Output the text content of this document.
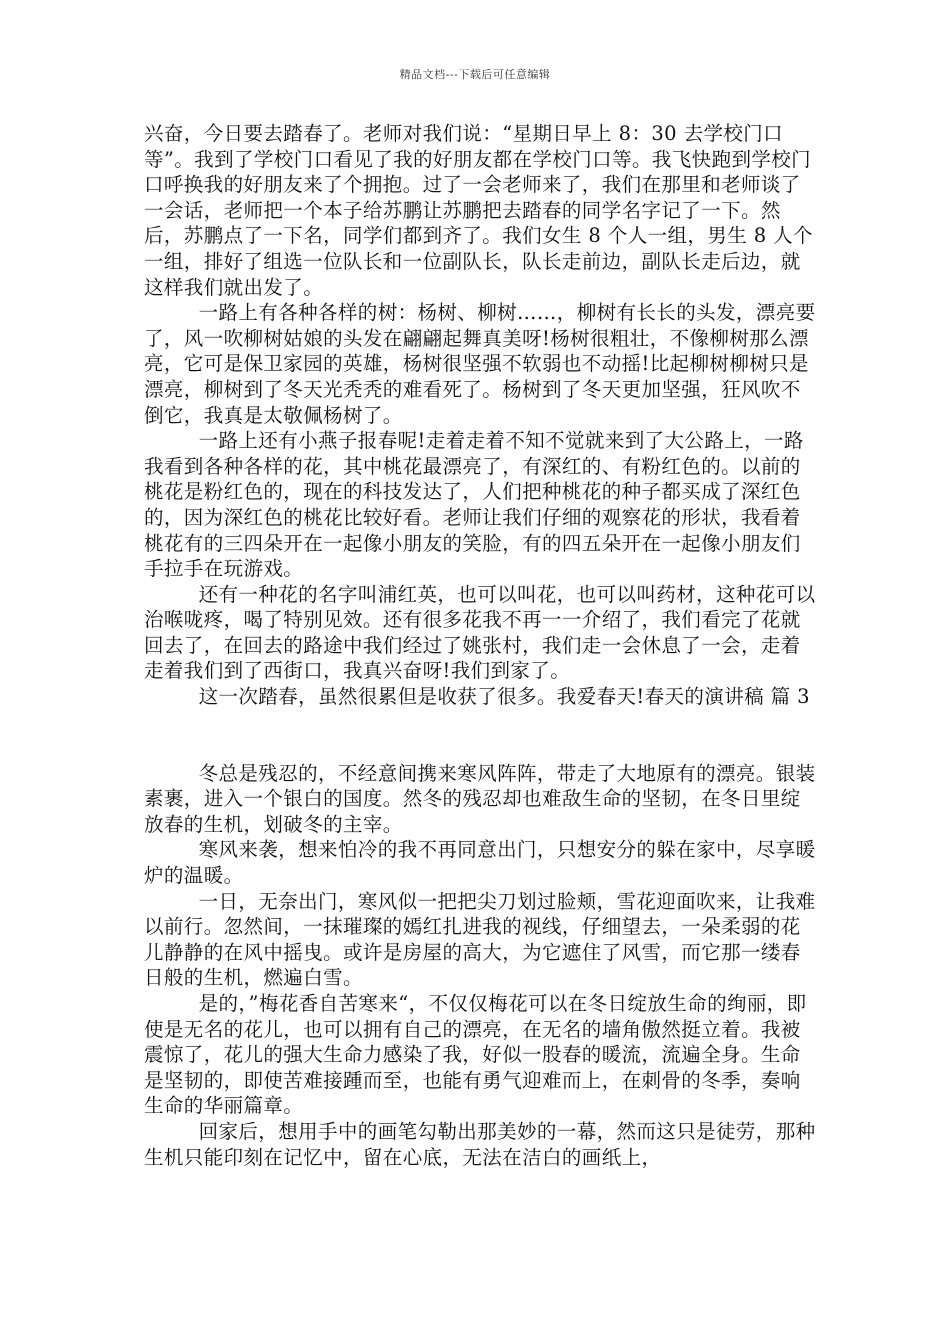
精品文档---下载后可任意编辑

兴奋，今日要去踏春了。老师对我们说：“星期日早上 8：30 去学校门口等”。我到了学校门口看见了我的好朋友都在学校门口等。我飞快跑到学校门口呼换我的好朋友来了个拥抱。过了一会老师来了，我们在那里和老师谈了一会话，老师把一个本子给苏鹏让苏鹏把去踏春的同学名字记了一下。然后，苏鹏点了一下名，同学们都到齐了。我们女生 8 个人一组，男生 8 人个一组，排好了组选一位队长和一位副队长，队长走前边，副队长走后边，就这样我们就出发了。

一路上有各种各样的树：杨树、柳树……，柳树有长长的头发，漂亮要了，风一吹柳树姑娘的头发在翩翩起舞真美呀!杨树很粗壮，不像柳树那么漂亮，它可是保卫家园的英雄，杨树很坚强不软弱也不动摇!比起柳树柳树只是漂亮，柳树到了冬天光秃秃的难看死了。杨树到了冬天更加坚强，狂风吹不倒它，我真是太敬佩杨树了。

一路上还有小燕子报春呢!走着走着不知不觉就来到了大公路上，一路我看到各种各样的花，其中桃花最漂亮了，有深红的、有粉红色的。以前的桃花是粉红色的，现在的科技发达了，人们把种桃花的种子都买成了深红色的，因为深红色的桃花比较好看。老师让我们仔细的观察花的形状，我看着桃花有的三四朵开在一起像小朋友的笑脸，有的四五朵开在一起像小朋友们手拉手在玩游戏。

还有一种花的名字叫浦红英，也可以叫花，也可以叫药材，这种花可以治喉咙疼，喝了特别见效。还有很多花我不再一一介绍了，我们看完了花就回去了，在回去的路途中我们经过了姚张村，我们走一会休息了一会，走着走着我们到了西街口，我真兴奋呀!我们到家了。

这一次踏春，虽然很累但是收获了很多。我爱春天!春天的演讲稿 篇 3

冬总是残忍的，不经意间携来寒风阵阵，带走了大地原有的漂亮。银装素裹，进入一个银白的国度。然冬的残忍却也难敌生命的坚韧，在冬日里绽放春的生机，划破冬的主宰。

寒风来袭，想来怕冷的我不再同意出门，只想安分的躲在家中，尽享暖炉的温暖。

一日，无奈出门，寒风似一把把尖刀划过脸颊，雪花迎面吹来，让我难以前行。忽然间，一抹璀璨的嫣红扎进我的视线，仔细望去，一朵柔弱的花儿静静的在风中摇曳。或许是房屋的高大，为它遮住了风雪，而它那一缕春日般的生机，燃遍白雪。

是的，”梅花香自苦寒来“，不仅仅梅花可以在冬日绽放生命的绚丽，即使是无名的花儿，也可以拥有自己的漂亮，在无名的墙角傲然挺立着。我被震惊了，花儿的强大生命力感染了我，好似一股春的暖流，流遍全身。生命是坚韧的，即使苦难接踵而至，也能有勇气迎难而上，在刺骨的冬季，奏响生命的华丽篇章。

回家后，想用手中的画笔勾勒出那美妙的一幕，然而这只是徒劳，那种生机只能印刻在记忆中，留在心底，无法在洁白的画纸上，
